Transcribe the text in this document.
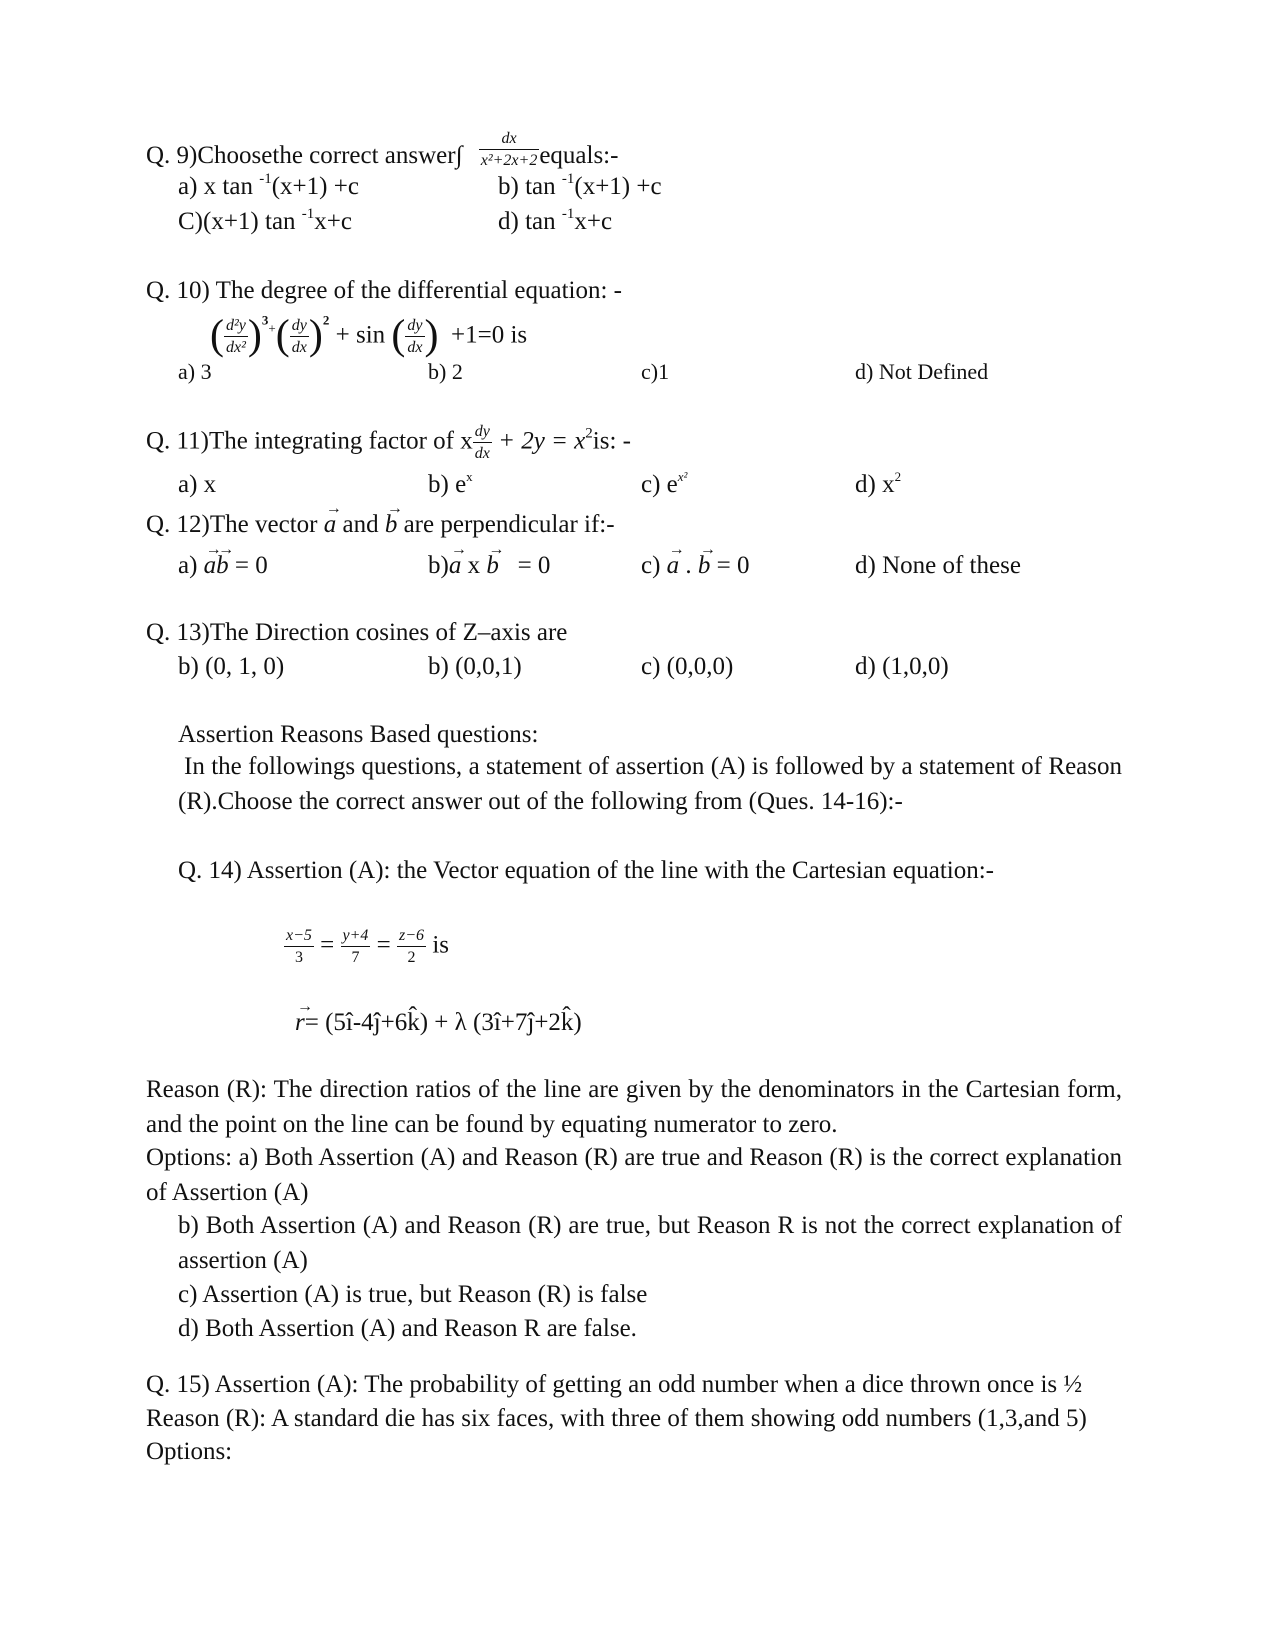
Q. 9)Choosethe correct answer∫ $\frac{dx}{\text{x²+2x+2}}$ equals:-
a) x tan $^{-1}$(x+1) +c	b) tan $^{-1}$(x+1) +c
C)(x+1) tan $^{-1}$x+c	d) tan $^{-1}$x+c
Q. 10) The degree of the differential equation: -
( $\frac{\text{d²y}}{\text{dx²}} )^{3+}( \frac{dy}{dx} )^2 + \sin$ ( $\frac{dy}{dx}$ ) +1=0 is
a) 3	b) 2	c)1	d) Not Defined
Q. 11)The integrating factor of x $\frac{dy}{dx} + 2y = x^2is$: -
a) x	b) $e^x$	c) $e^{x^2}$	d) $x^2$
Q. 12)The vector → a and → b are perpendicular if:-
a) → a→ b = 0	b)→ a x → b = 0	c) → a . → b = 0	d) None of these
Q. 13)The Direction cosines of Z–axis are
b) (0, 1, 0)	b) (0,0,1)	c) (0,0,0)	d) (1,0,0)
Assertion Reasons Based questions:
In the followings questions, a statement of assertion (A) is followed by a statement of Reason (R).Choose the correct answer out of the following from (Ques. 14-16):-
Q. 14) Assertion (A): the Vector equation of the line with the Cartesian equation:-
$\frac{x-5}{3} = \frac{y+4}{7} = \frac{z-6}{2}$ is
→ r= (5î-4ĵ+6k̂) + λ (3î+7ĵ+2k̂)
Reason (R): The direction ratios of the line are given by the denominators in the Cartesian form, and the point on the line can be found by equating numerator to zero.
Options: a) Both Assertion (A) and Reason (R) are true and Reason (R) is the correct explanation of Assertion (A)
b) Both Assertion (A) and Reason (R) are true, but Reason R is not the correct explanation of assertion (A)
c) Assertion (A) is true, but Reason (R) is false
d) Both Assertion (A) and Reason R are false.
Q. 15) Assertion (A): The probability of getting an odd number when a dice thrown once is ½
Reason (R): A standard die has six faces, with three of them showing odd numbers (1,3,and 5)
Options:
